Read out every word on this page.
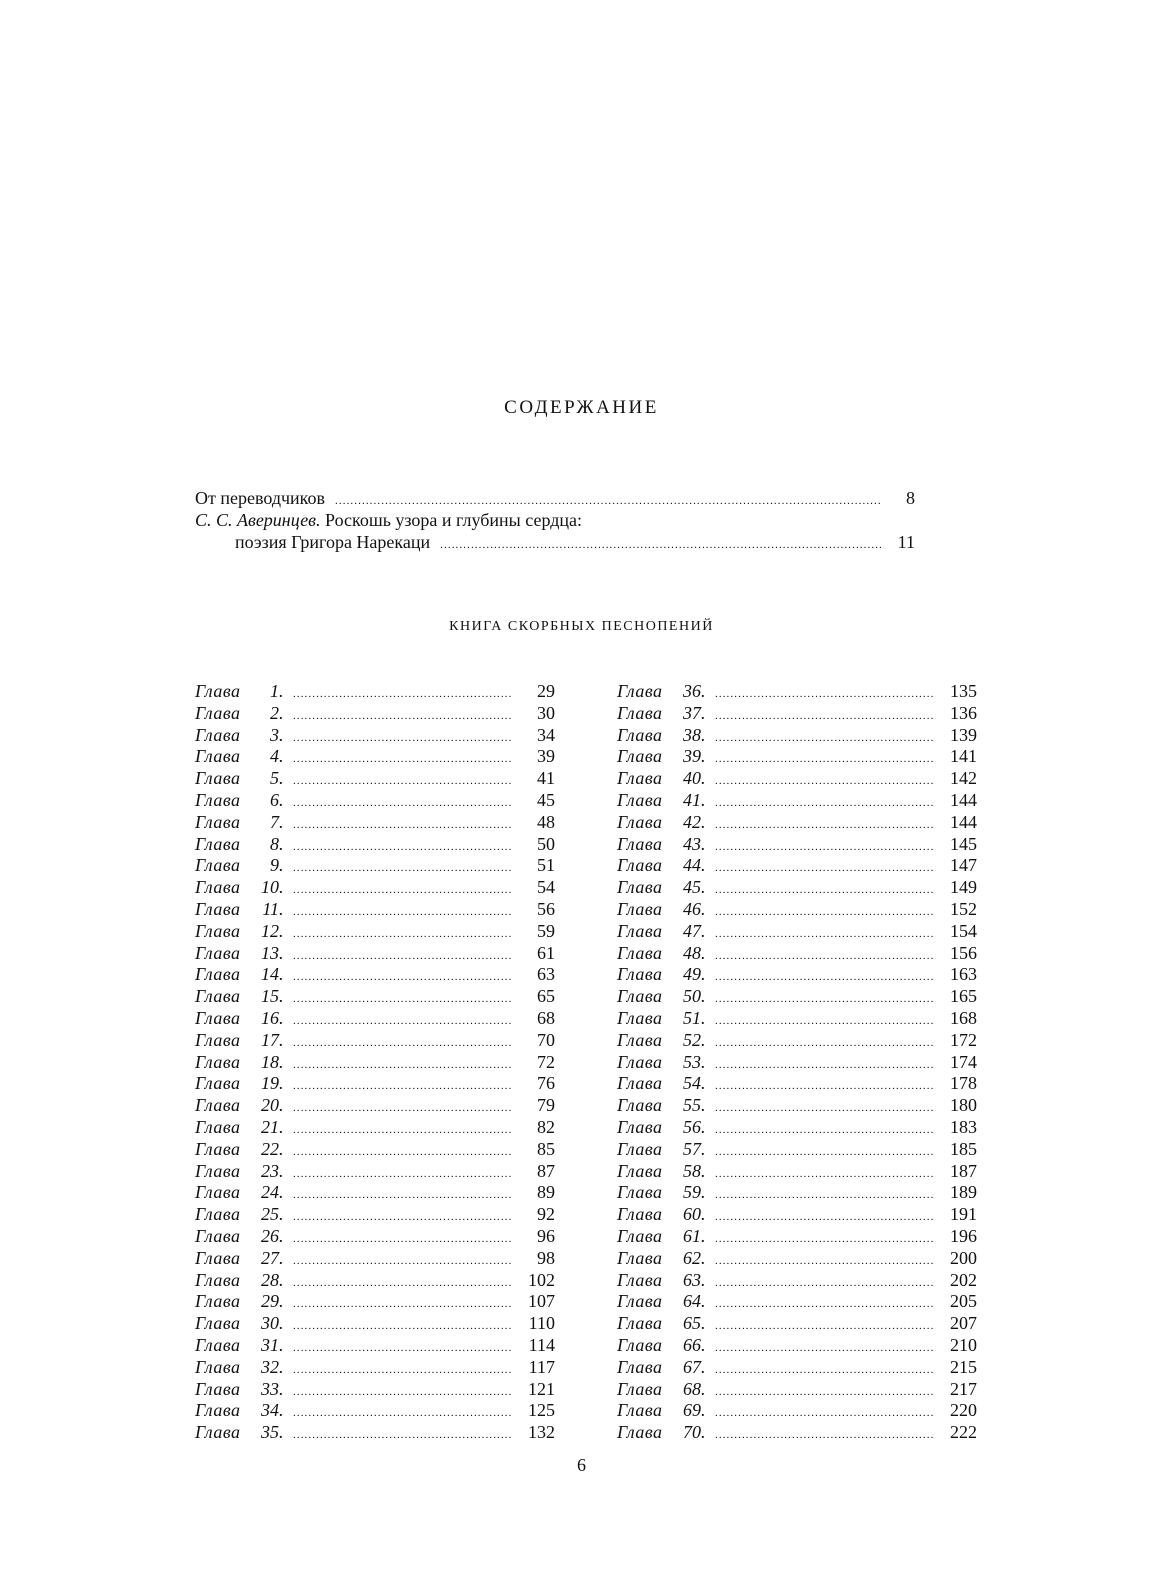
СОДЕРЖАНИЕ
От переводчиков .....	8
С. С. Аверинцев. Роскошь узора и глубины сердца:
поэзия Григора Нарекаци .....	11
КНИГА СКОРБНЫХ ПЕСНОПЕНИЙ
Глава	1 . .....	29
Глава	2 . .....	30
Глава	3 . .....	34
Глава	4 . .....	39
Глава	5 . .....	41
Глава	6 . .....	45
Глава	7 . .....	48
Глава	8 . .....	50
Глава	9 . .....	51
Глава	10 . .....	54
Глава	11 . .....	56
Глава	12 . .....	59
Глава	13 . .....	61
Глава	14 . .....	63
Глава	15 . .....	65
Глава	16 . .....	68
Глава	17 . .....	70
Глава	18 . .....	72
Глава	19 . .....	76
Глава	20 . .....	79
Глава	21 . .....	82
Глава	22 . .....	85
Глава	23 . .....	87
Глава	24 . .....	89
Глава	25 . .....	92
Глава	26 . .....	96
Глава	27 . .....	98
Глава	28 . .....	102
Глава	29 . .....	107
Глава	30 . .....	110
Глава	31 . .....	114
Глава	32 . .....	117
Глава	33 . .....	121
Глава	34 . .....	125
Глава	35 . .....	132
Глава	36 . .....	135
Глава	37 . .....	136
Глава	38 . .....	139
Глава	39 . .....	141
Глава	40 . .....	142
Глава	41 . .....	144
Глава	42 . .....	144
Глава	43 . .....	145
Глава	44 . .....	147
Глава	45 . .....	149
Глава	46 . .....	152
Глава	47 . .....	154
Глава	48 . .....	156
Глава	49 . .....	163
Глава	50 . .....	165
Глава	51 . .....	168
Глава	52 . .....	172
Глава	53 . .....	174
Глава	54 . .....	178
Глава	55 . .....	180
Глава	56 . .....	183
Глава	57 . .....	185
Глава	58 . .....	187
Глава	59 . .....	189
Глава	60 . .....	191
Глава	61 . .....	196
Глава	62 . .....	200
Глава	63 . .....	202
Глава	64 . .....	205
Глава	65 . .....	207
Глава	66 . .....	210
Глава	67 . .....	215
Глава	68 . .....	217
Глава	69 . .....	220
Глава	70 . .....	222
6
